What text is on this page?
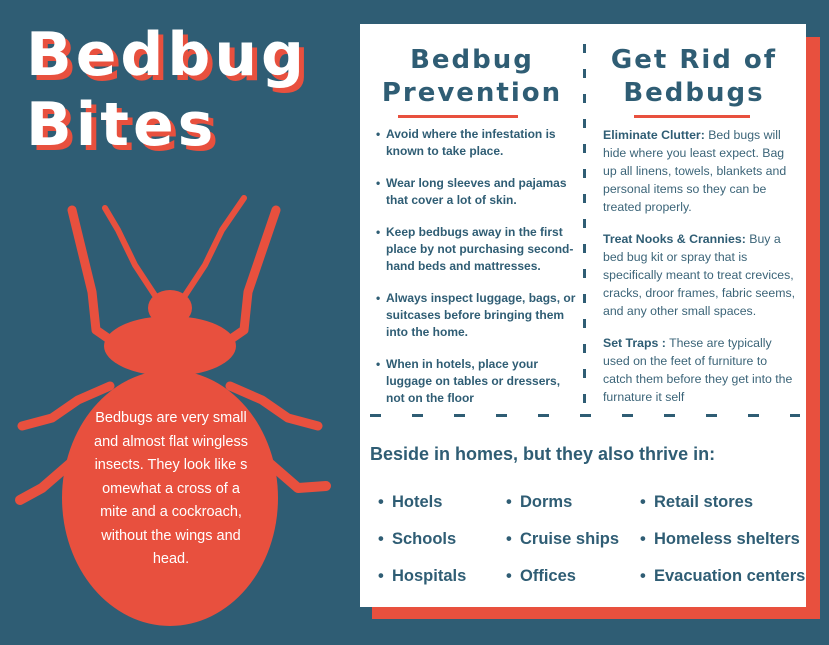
Bedbug
Bites
Bedbugs are very small and almost flat wingless insects. They look like s omewhat a cross of a mite and a cockroach, without the wings and head.
Bedbug Prevention
Get Rid of Bedbugs
• Avoid where the infestation is known to take place.
• Wear long sleeves and pajamas that cover a lot of skin.
• Keep bedbugs away in the first place by not purchasing second-hand beds and mattresses.
• Always inspect luggage, bags, or suitcases before bringing them into the home.
• When in hotels, place your luggage on tables or dressers, not on the floor

Eliminate Clutter: Bed bugs will hide where you least expect. Bag up all linens, towels, blankets and personal items so they can be treated properly.

Treat Nooks & Crannies: Buy a bed bug kit or spray that is specifically meant to treat crevices, cracks, droor frames, fabric seems, and any other small spaces.

Set Traps : These are typically used on the feet of furniture to catch them before they get into the furnature it self

Beside in homes, but they also thrive in:
• Hotels
• Schools
• Hospitals
• Dorms
• Cruise ships
• Offices
• Retail stores
• Homeless shelters
• Evacuation centers
